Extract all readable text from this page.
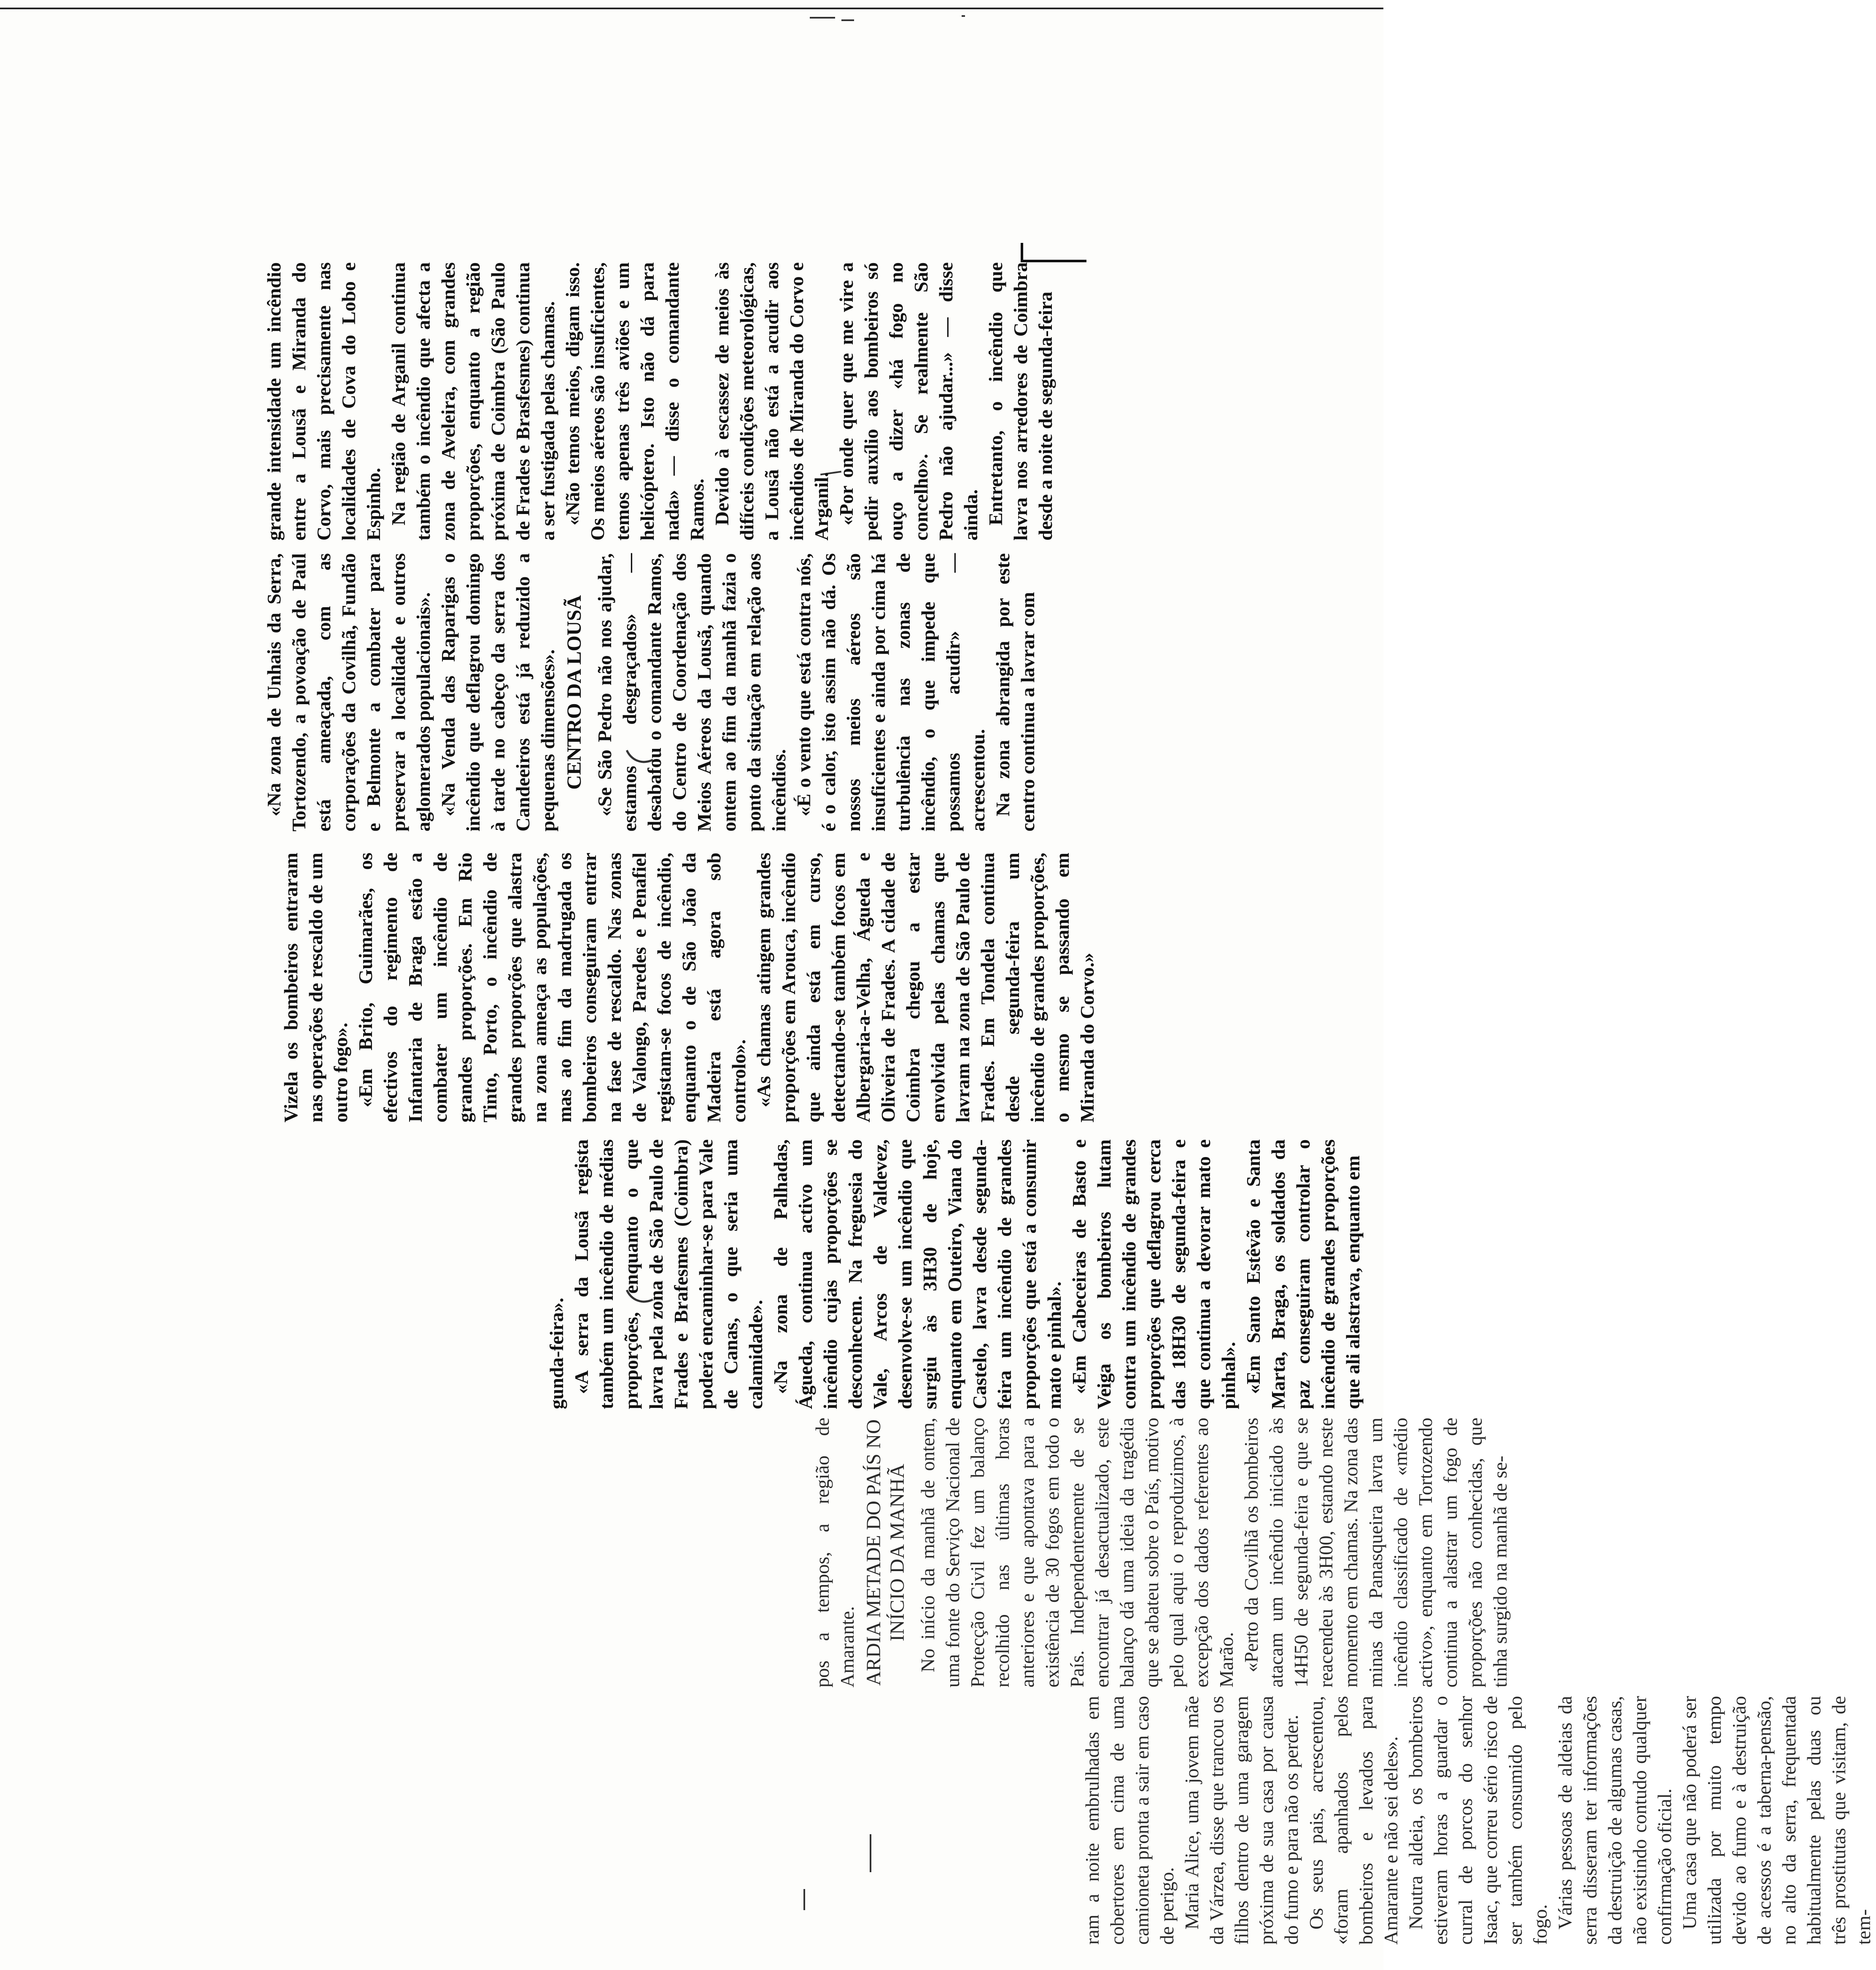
ram a noite embrulhadas em cobertores em cima de uma camioneta pronta a sair em caso de perigo. Maria Alice, uma jovem mãe da Várzea, disse que trancou os filhos dentro de uma garagem próxima de sua casa por causa do fumo e para não os perder. Os seus pais, acrescentou, «foram apanhados pelos bombeiros e levados para Amarante e não sei deles». Noutra aldeia, os bombeiros estiveram horas a guardar o curral de porcos do senhor Isaac, que correu sério risco de ser também consumido pelo fogo. Várias pessoas de aldeias da serra disseram ter informações da destruição de algumas casas, não existindo contudo qualquer confirmação oficial. Uma casa que não poderá ser utilizada por muito tempo devido ao fumo e à destruição de acessos é a taberna-pensão, no alto da serra, frequentada habitualmente pelas duas ou três prostitutas que visitam, de tem-

pos a tempos, a região de Amarante. ARDIA METADE DO PAÍS NO INÍCIO DA MANHÃ No início da manhã de ontem, uma fonte do Serviço Nacional de Protecção Civil fez um balanço recolhido nas últimas horas anteriores e que apontava para a existência de 30 fogos em todo o País. Independentemente de se encontrar já desactualizado, este balanço dá uma ideia da tragédia que se abateu sobre o País, motivo pelo qual aqui o reproduzimos, à excepção dos dados referentes ao Marão. «Perto da Covilhã os bombeiros atacam um incêndio iniciado às 14H50 de segunda-feira e que se reacendeu às 3H00, estando neste momento em chamas. Na zona das minas da Panasqueira lavra um incêndio classificado de «médio activo», enquanto em Tortozendo continua a alastrar um fogo de proporções não conhecidas, que tinha surgido na manhã de se-

gunda-feira». «A serra da Lousã regista também um incêndio de médias proporções, enquanto o que lavra pela zona de São Paulo de Frades e Brafesmes (Coimbra) poderá encaminhar-se para Vale de Canas, o que seria uma calamidade». «Na zona de Palhadas, Águeda, continua activo um incêndio cujas proporções se desconhecem. Na freguesia do Vale, Arcos de Valdevez, desenvolve-se um incêndio que surgiu às 3H30 de hoje, enquanto em Outeiro, Viana do Castelo, lavra desde segunda-feira um incêndio de grandes proporções que está a consumir mato e pinhal». «Em Cabeceiras de Basto e Veiga os bombeiros lutam contra um incêndio de grandes proporções que deflagrou cerca das 18H30 de segunda-feira e que continua a devorar mato e pinhal». «Em Santo Estêvão e Santa Marta, Braga, os soldados da paz conseguiram controlar o incêndio de grandes proporções que ali alastrava, enquanto em

Vizela os bombeiros entraram nas operações de rescaldo de um outro fogo». «Em Brito, Guimarães, os efectivos do regimento de Infantaria de Braga estão a combater um incêndio de grandes proporções. Em Rio Tinto, Porto, o incêndio de grandes proporções que alastra na zona ameaça as populações, mas ao fim da madrugada os bombeiros conseguiram entrar na fase de rescaldo. Nas zonas de Valongo, Paredes e Penafiel registam-se focos de incêndio, enquanto o de São João da Madeira está agora sob controlo». «As chamas atingem grandes proporções em Arouca, incêndio que ainda está em curso, detectando-se também focos em Albergaria-a-Velha, Águeda e Oliveira de Frades. A cidade de Coimbra chegou a estar envolvida pelas chamas que lavram na zona de São Paulo de Frades. Em Tondela continua desde segunda-feira um incêndio de grandes proporções, o mesmo se passando em Miranda do Corvo.»

«Na zona de Unhais da Serra, Tortozendo, a povoação de Paúl está ameaçada, com as corporações da Covilhã, Fundão e Belmonte a combater para preservar a localidade e outros aglomerados populacionais». «Na Venda das Raparigas o incêndio que deflagrou domingo à tarde no cabeço da serra dos Candeeiros está já reduzido a pequenas dimensões». CENTRO DA LOUSÃ «Se São Pedro não nos ajudar, estamos desgraçados» — desabafou o comandante Ramos, do Centro de Coordenação dos Meios Aéreos da Lousã, quando ontem ao fim da manhã fazia o ponto da situação em relação aos incêndios. «É o vento que está contra nós, é o calor, isto assim não dá. Os nossos meios aéreos são insuficientes e ainda por cima há turbulência nas zonas de incêndio, o que impede que possamos acudir» — acrescentou. Na zona abrangida por este centro continua a lavrar com

grande intensidade um incêndio entre a Lousã e Miranda do Corvo, mais precisamente nas localidades de Cova do Lobo e Espinho. Na região de Arganil continua também o incêndio que afecta a zona de Aveleira, com grandes proporções, enquanto a região próxima de Coimbra (São Paulo de Frades e Brasfesmes) continua a ser fustigada pelas chamas. «Não temos meios, digam isso. Os meios aéreos são insuficientes, temos apenas três aviões e um helicóptero. Isto não dá para nada» — disse o comandante Ramos. Devido à escassez de meios às difíceis condições meteorológicas, a Lousã não está a acudir aos incêndios de Miranda do Corvo e Arganil. «Por onde quer que me vire a pedir auxílio aos bombeiros só ouço a dizer «há fogo no concelho». Se realmente São Pedro não ajudar...» — disse ainda. Entretanto, o incêndio que lavra nos arredores de Coimbra desde a noite de segunda-feira
